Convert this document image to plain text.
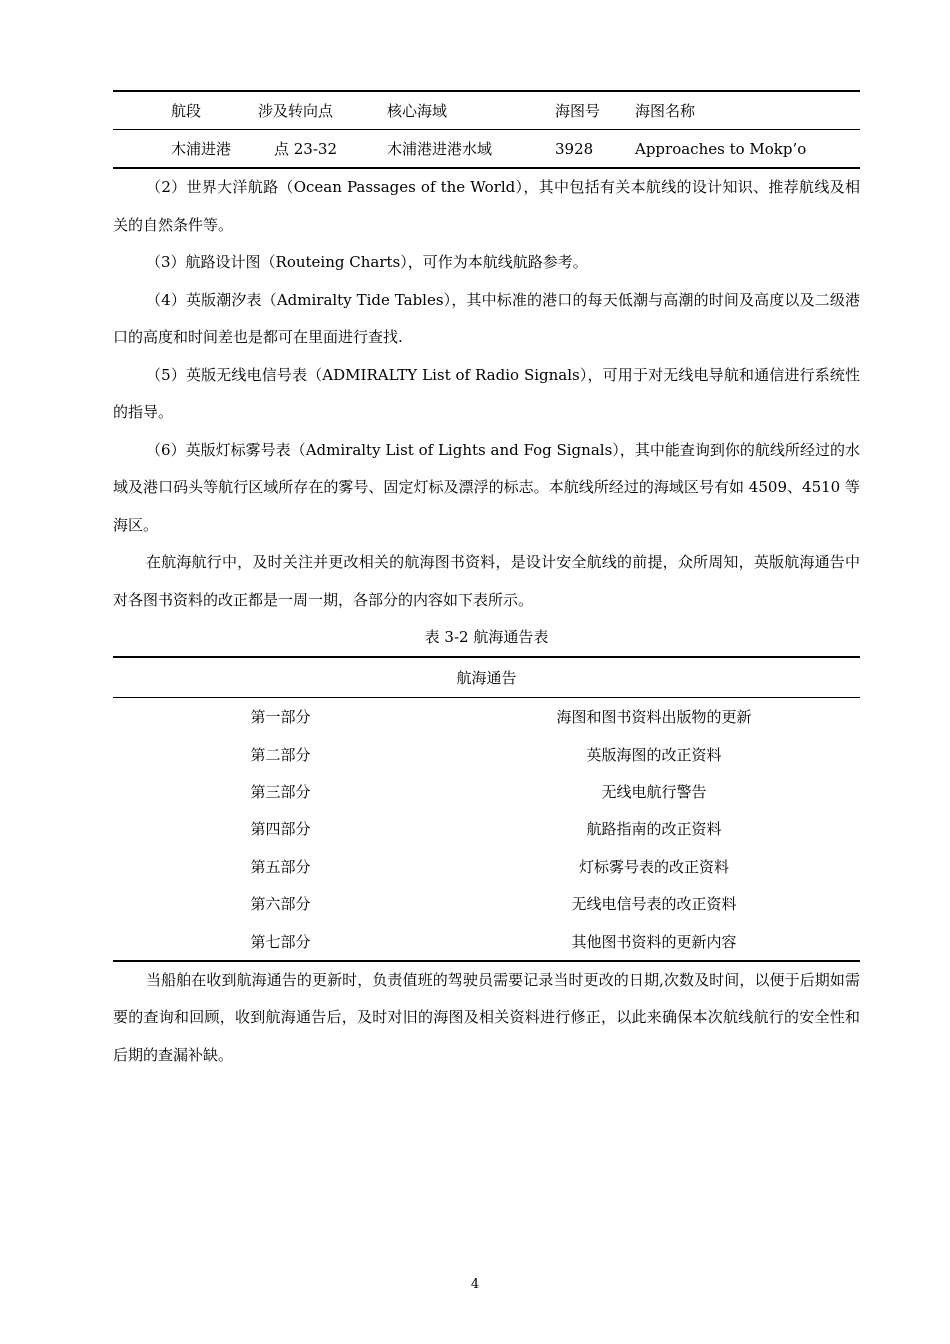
航段	涉及转向点	核心海域	海图号	海图名称
木浦进港	点 23-32	木浦港进港水域	3928	Approaches to Mokp’o

（2）世界大洋航路（Ocean Passages of the World），其中包括有关本航线的设计知识、推荐航线及相关的自然条件等。

（3）航路设计图（Routeing Charts），可作为本航线航路参考。

（4）英版潮汐表（Admiralty Tide Tables），其中标准的港口的每天低潮与高潮的时间及高度以及二级港口的高度和时间差也是都可在里面进行查找.

（5）英版无线电信号表（ADMIRALTY List of Radio Signals），可用于对无线电导航和通信进行系统性的指导。

（6）英版灯标雾号表（Admiralty List of Lights and Fog Signals），其中能查询到你的航线所经过的水域及港口码头等航行区域所存在的雾号、固定灯标及漂浮的标志。本航线所经过的海域区号有如 4509、4510 等海区。

在航海航行中，及时关注并更改相关的航海图书资料，是设计安全航线的前提，众所周知，英版航海通告中对各图书资料的改正都是一周一期，各部分的内容如下表所示。

表 3-2 航海通告表
航海通告	
第一部分	海图和图书资料出版物的更新
第二部分	英版海图的改正资料
第三部分	无线电航行警告
第四部分	航路指南的改正资料
第五部分	灯标雾号表的改正资料
第六部分	无线电信号表的改正资料
第七部分	其他图书资料的更新内容

当船舶在收到航海通告的更新时，负责值班的驾驶员需要记录当时更改的日期,次数及时间，以便于后期如需要的查询和回顾，收到航海通告后，及时对旧的海图及相关资料进行修正，以此来确保本次航线航行的安全性和后期的查漏补缺。

4
